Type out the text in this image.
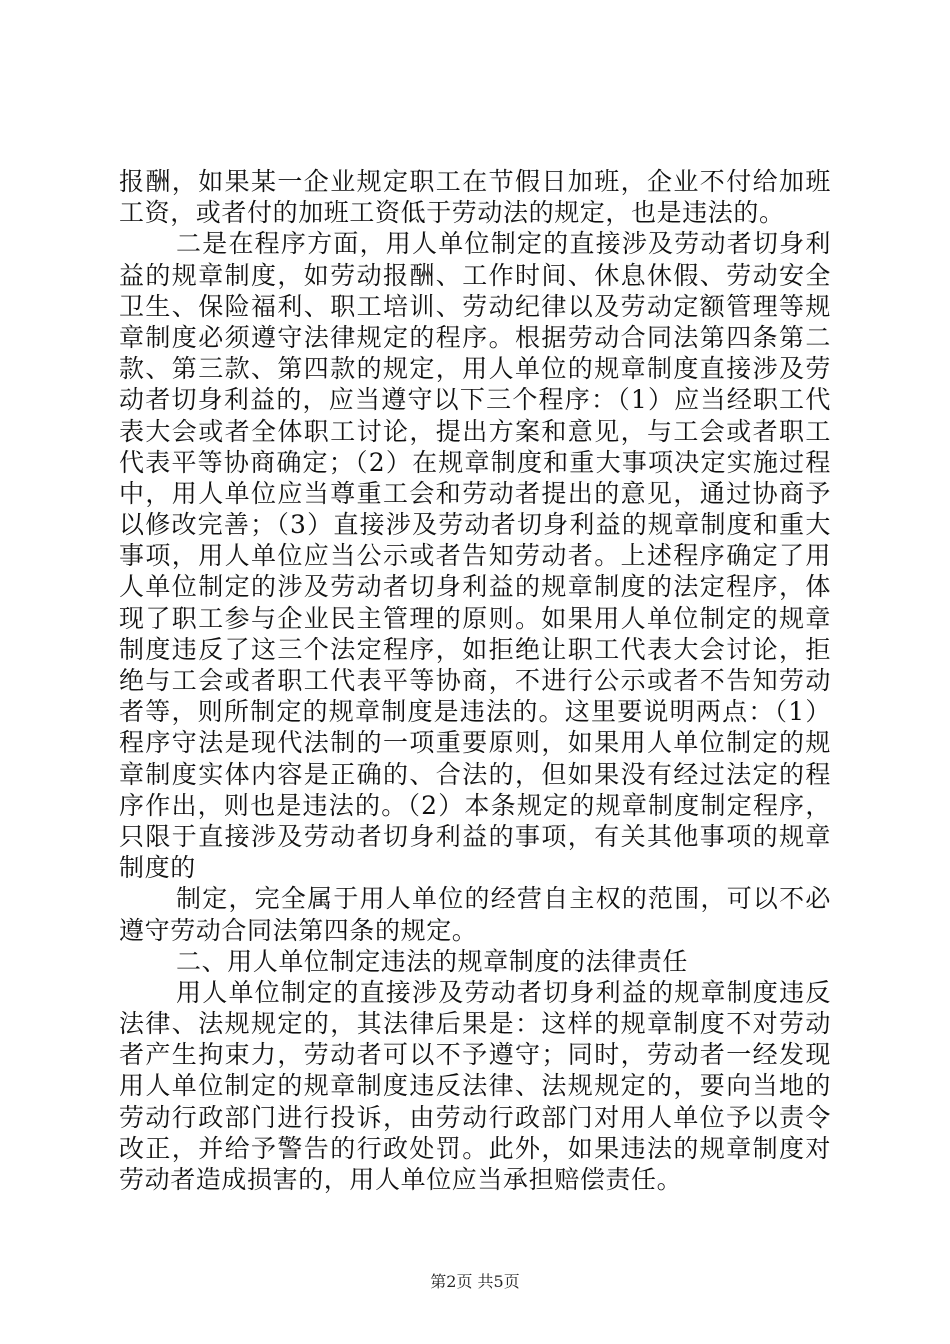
报酬，如果某一企业规定职工在节假日加班，企业不付给加班
工资，或者付的加班工资低于劳动法的规定，也是违法的。
二是在程序方面，用人单位制定的直接涉及劳动者切身利
益的规章制度，如劳动报酬、工作时间、休息休假、劳动安全
卫生、保险福利、职工培训、劳动纪律以及劳动定额管理等规
章制度必须遵守法律规定的程序。根据劳动合同法第四条第二
款、第三款、第四款的规定，用人单位的规章制度直接涉及劳
动者切身利益的，应当遵守以下三个程序：（1）应当经职工代
表大会或者全体职工讨论，提出方案和意见，与工会或者职工
代表平等协商确定；（2）在规章制度和重大事项决定实施过程
中，用人单位应当尊重工会和劳动者提出的意见，通过协商予
以修改完善；（3）直接涉及劳动者切身利益的规章制度和重大
事项，用人单位应当公示或者告知劳动者。上述程序确定了用
人单位制定的涉及劳动者切身利益的规章制度的法定程序，体
现了职工参与企业民主管理的原则。如果用人单位制定的规章
制度违反了这三个法定程序，如拒绝让职工代表大会讨论，拒
绝与工会或者职工代表平等协商，不进行公示或者不告知劳动
者等，则所制定的规章制度是违法的。这里要说明两点：（1）
程序守法是现代法制的一项重要原则，如果用人单位制定的规
章制度实体内容是正确的、合法的，但如果没有经过法定的程
序作出，则也是违法的。（2）本条规定的规章制度制定程序，
只限于直接涉及劳动者切身利益的事项，有关其他事项的规章
制度的
制定，完全属于用人单位的经营自主权的范围，可以不必
遵守劳动合同法第四条的规定。
二、用人单位制定违法的规章制度的法律责任
用人单位制定的直接涉及劳动者切身利益的规章制度违反
法律、法规规定的，其法律后果是：这样的规章制度不对劳动
者产生拘束力，劳动者可以不予遵守；同时，劳动者一经发现
用人单位制定的规章制度违反法律、法规规定的，要向当地的
劳动行政部门进行投诉，由劳动行政部门对用人单位予以责令
改正，并给予警告的行政处罚。此外，如果违法的规章制度对
劳动者造成损害的，用人单位应当承担赔偿责任。
第2页 共5页
